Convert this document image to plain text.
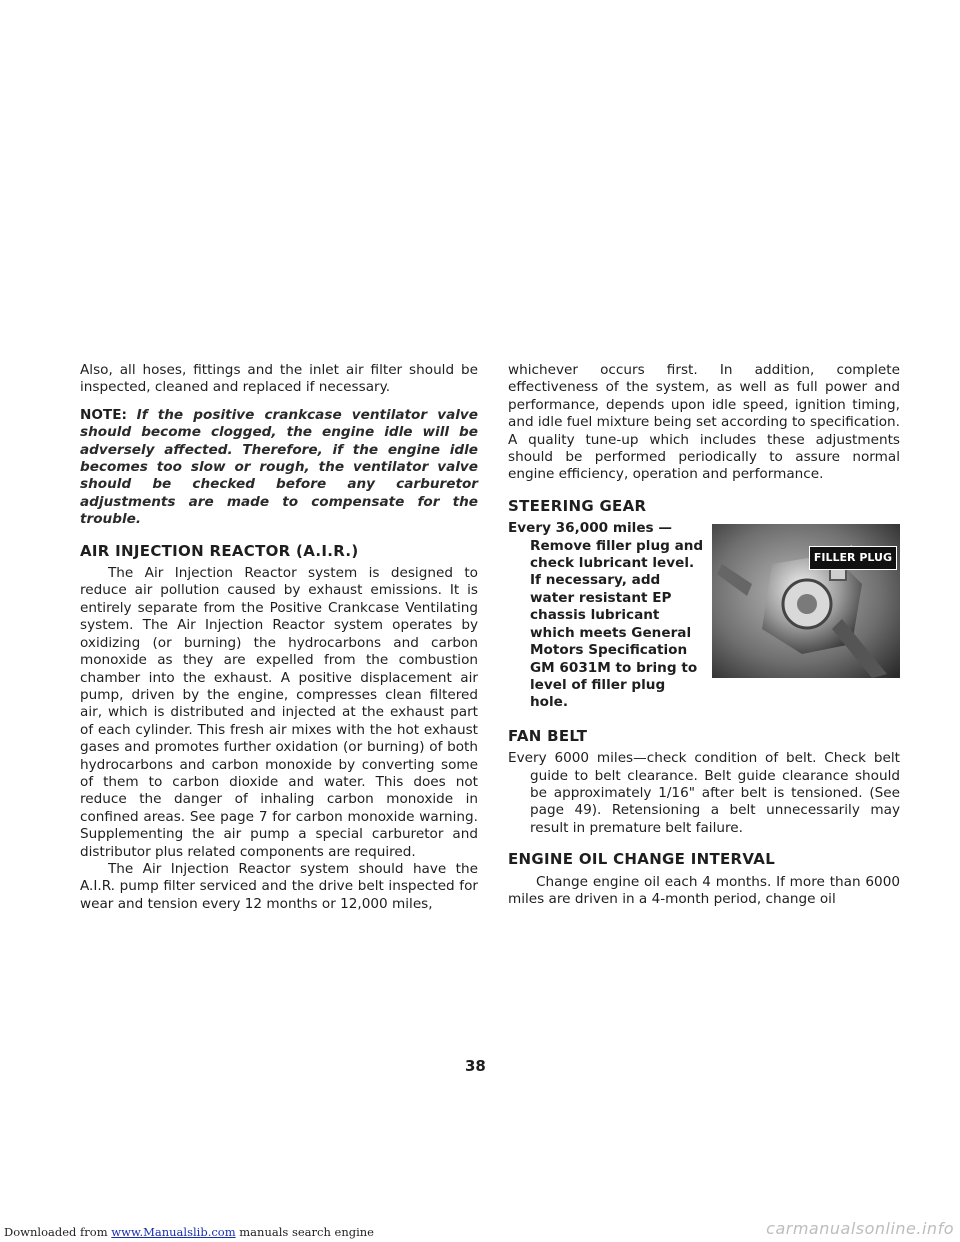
Also, all hoses, fittings and the inlet air filter should be inspected, cleaned and replaced if necessary.

NOTE: If the positive crankcase ventilator valve should become clogged, the engine idle will be adversely affected. Therefore, if the engine idle becomes too slow or rough, the ventilator valve should be checked before any carburetor adjustments are made to compensate for the trouble.

AIR INJECTION REACTOR (A.I.R.)

The Air Injection Reactor system is designed to reduce air pollution caused by exhaust emissions. It is entirely separate from the Positive Crankcase Ventilating system. The Air Injection Reactor system operates by oxidizing (or burning) the hydrocarbons and carbon monoxide as they are expelled from the combustion chamber into the exhaust. A positive displacement air pump, driven by the engine, compresses clean filtered air, which is distributed and injected at the exhaust part of each cylinder. This fresh air mixes with the hot exhaust gases and promotes further oxidation (or burning) of both hydrocarbons and carbon monoxide by converting some of them to carbon dioxide and water. This does not reduce the danger of inhaling carbon monoxide in confined areas. See page 7 for carbon monoxide warning. Supplementing the air pump a special carburetor and distributor plus related components are required.

The Air Injection Reactor system should have the A.I.R. pump filter serviced and the drive belt inspected for wear and tension every 12 months or 12,000 miles,

whichever occurs first. In addition, complete effectiveness of the system, as well as full power and performance, depends upon idle speed, ignition timing, and idle fuel mixture being set according to specification. A quality tune-up which includes these adjustments should be performed periodically to assure normal engine efficiency, operation and performance.

STEERING GEAR

Every 36,000 miles — Remove filler plug and check lubricant level. If necessary, add water resistant EP chassis lubricant which meets General Motors Specification GM 6031M to bring to level of filler plug hole.

FILLER PLUG
FAN BELT

Every 6000 miles—check condition of belt. Check belt guide to belt clearance. Belt guide clearance should be approximately 1/16" after belt is tensioned. (See page 49). Retensioning a belt unnecessarily may result in premature belt failure.

ENGINE OIL CHANGE INTERVAL

Change engine oil each 4 months. If more than 6000 miles are driven in a 4-month period, change oil

38
Downloaded from www.Manualslib.com manuals search engine	carmanualsonline.info
